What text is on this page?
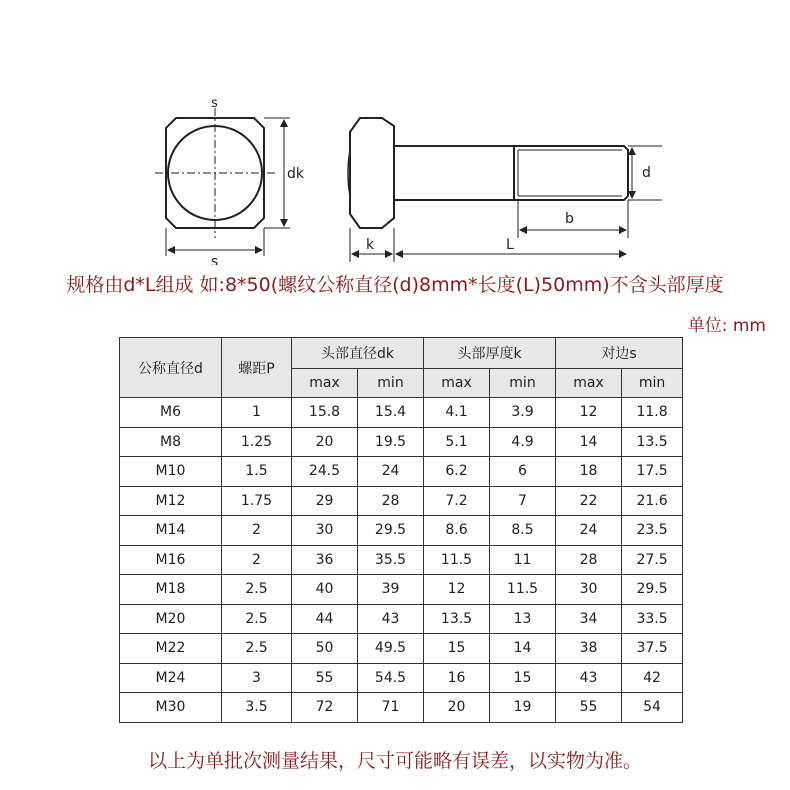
s
s
dk	d
b
k	L
规格由d*L组成 如:8*50(螺纹公称直径(d)8mm*长度(L)50mm)不含头部厚度
单位: mm
公称直径d	螺距P	头部直径dk		头部厚度k		对边s	
		max	min	max	min	max	min
M6	1	15.8	15.4	4.1	3.9	12	11.8
M8	1.25	20	19.5	5.1	4.9	14	13.5
M10	1.5	24.5	24	6.2	6	18	17.5
M12	1.75	29	28	7.2	7	22	21.6
M14	2	30	29.5	8.6	8.5	24	23.5
M16	2	36	35.5	11.5	11	28	27.5
M18	2.5	40	39	12	11.5	30	29.5
M20	2.5	44	43	13.5	13	34	33.5
M22	2.5	50	49.5	15	14	38	37.5
M24	3	55	54.5	16	15	43	42
M30	3.5	72	71	20	19	55	54
以上为单批次测量结果，尺寸可能略有误差，以实物为准。
